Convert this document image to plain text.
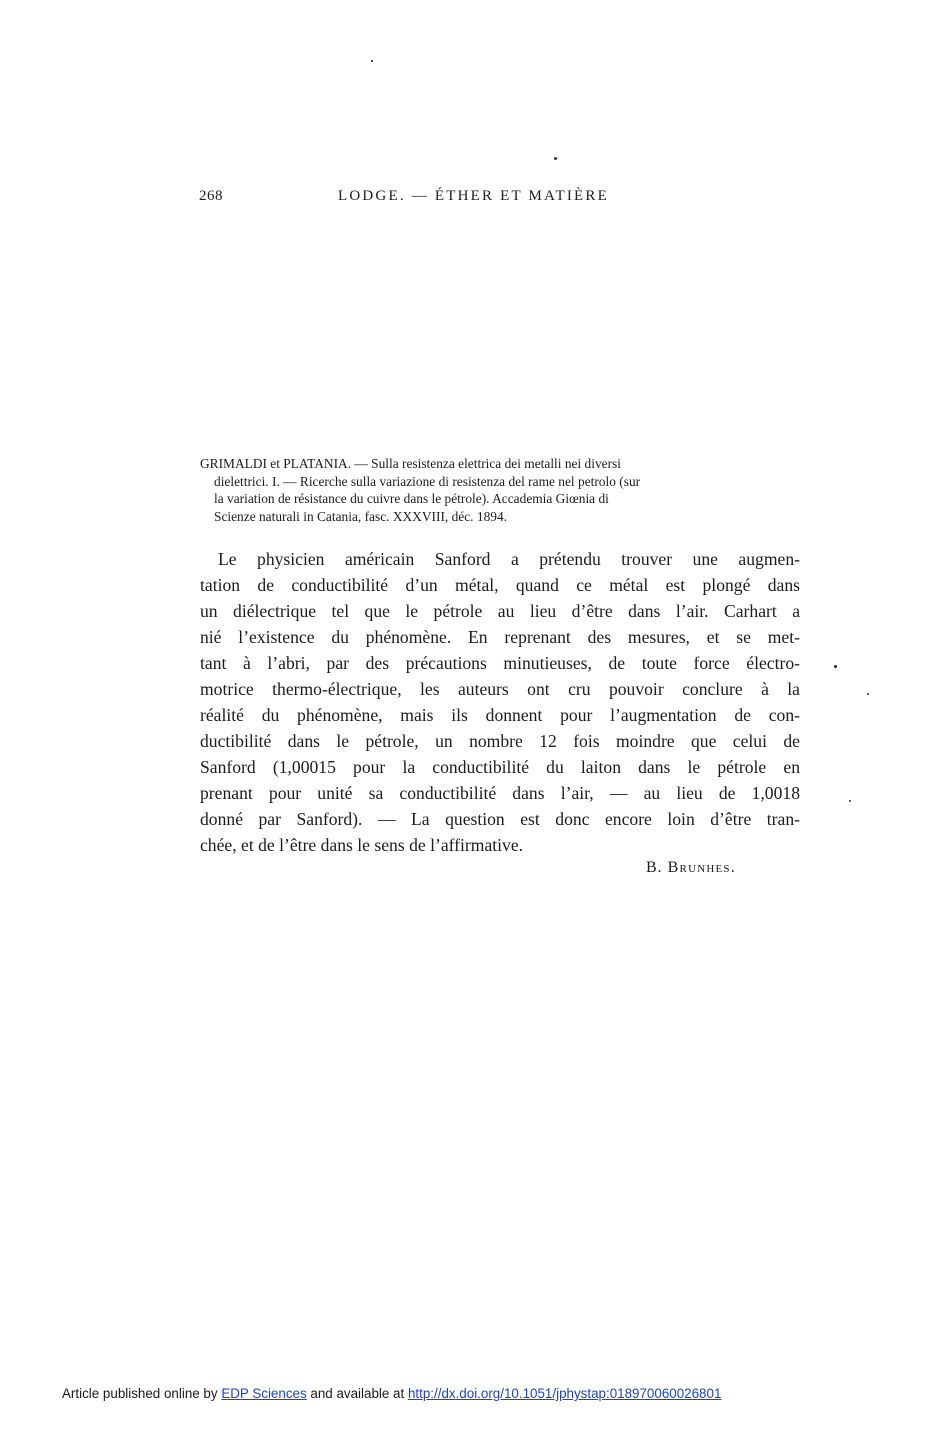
268	LODGE. — ÉTHER ET MATIÈRE
GRIMALDI et PLATANIA. — Sulla resistenza elettrica dei metalli nei diversi
dielettrici. I. — Ricerche sulla variazione di resistenza del rame nel petrolo (sur
la variation de résistance du cuivre dans le pétrole). Accademia Giœnia di
Scienze naturali in Catania, fasc. XXXVIII, déc. 1894.
Le physicien américain Sanford a prétendu trouver une augmen-
tation de conductibilité d’un métal, quand ce métal est plongé dans
un diélectrique tel que le pétrole au lieu d’être dans l’air. Carhart a
nié l’existence du phénomène. En reprenant des mesures, et se met-
tant à l’abri, par des précautions minutieuses, de toute force électro-
motrice thermo-électrique, les auteurs ont cru pouvoir conclure à la
réalité du phénomène, mais ils donnent pour l’augmentation de con-
ductibilité dans le pétrole, un nombre 12 fois moindre que celui de
Sanford (1,00015 pour la conductibilité du laiton dans le pétrole en
prenant pour unité sa conductibilité dans l’air, — au lieu de 1,0018
donné par Sanford). — La question est donc encore loin d’être tran-
chée, et de l’être dans le sens de l’affirmative.
B. Brunhes.
Article published online by EDP Sciences and available at http://dx.doi.org/10.1051/jphystap:018970060026801
